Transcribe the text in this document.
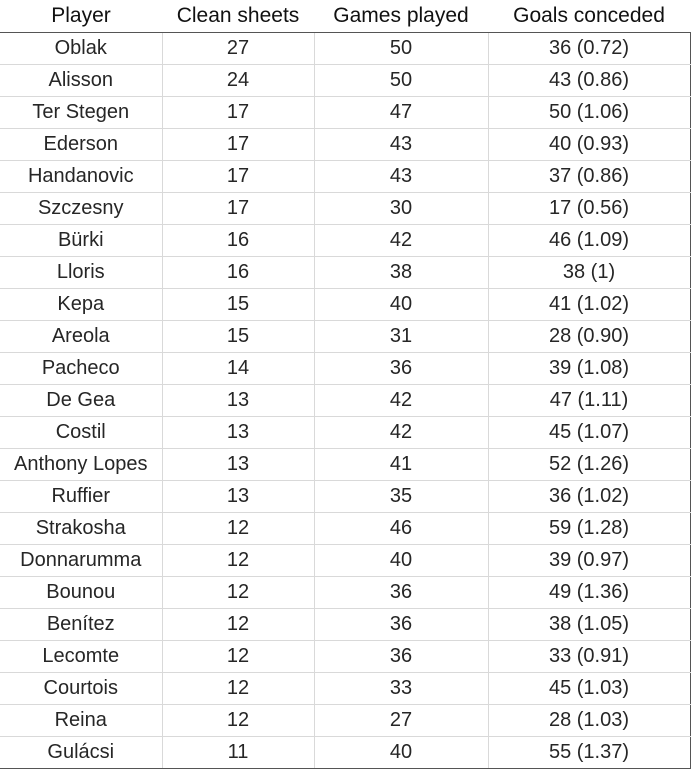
Player	Clean sheets	Games played	Goals conceded
Oblak	27	50	36 (0.72)
Alisson	24	50	43 (0.86)
Ter Stegen	17	47	50 (1.06)
Ederson	17	43	40 (0.93)
Handanovic	17	43	37 (0.86)
Szczesny	17	30	17 (0.56)
Bürki	16	42	46 (1.09)
Lloris	16	38	38 (1)
Kepa	15	40	41 (1.02)
Areola	15	31	28 (0.90)
Pacheco	14	36	39 (1.08)
De Gea	13	42	47 (1.11)
Costil	13	42	45 (1.07)
Anthony Lopes	13	41	52 (1.26)
Ruffier	13	35	36 (1.02)
Strakosha	12	46	59 (1.28)
Donnarumma	12	40	39 (0.97)
Bounou	12	36	49 (1.36)
Benítez	12	36	38 (1.05)
Lecomte	12	36	33 (0.91)
Courtois	12	33	45 (1.03)
Reina	12	27	28 (1.03)
Gulácsi	11	40	55 (1.37)
